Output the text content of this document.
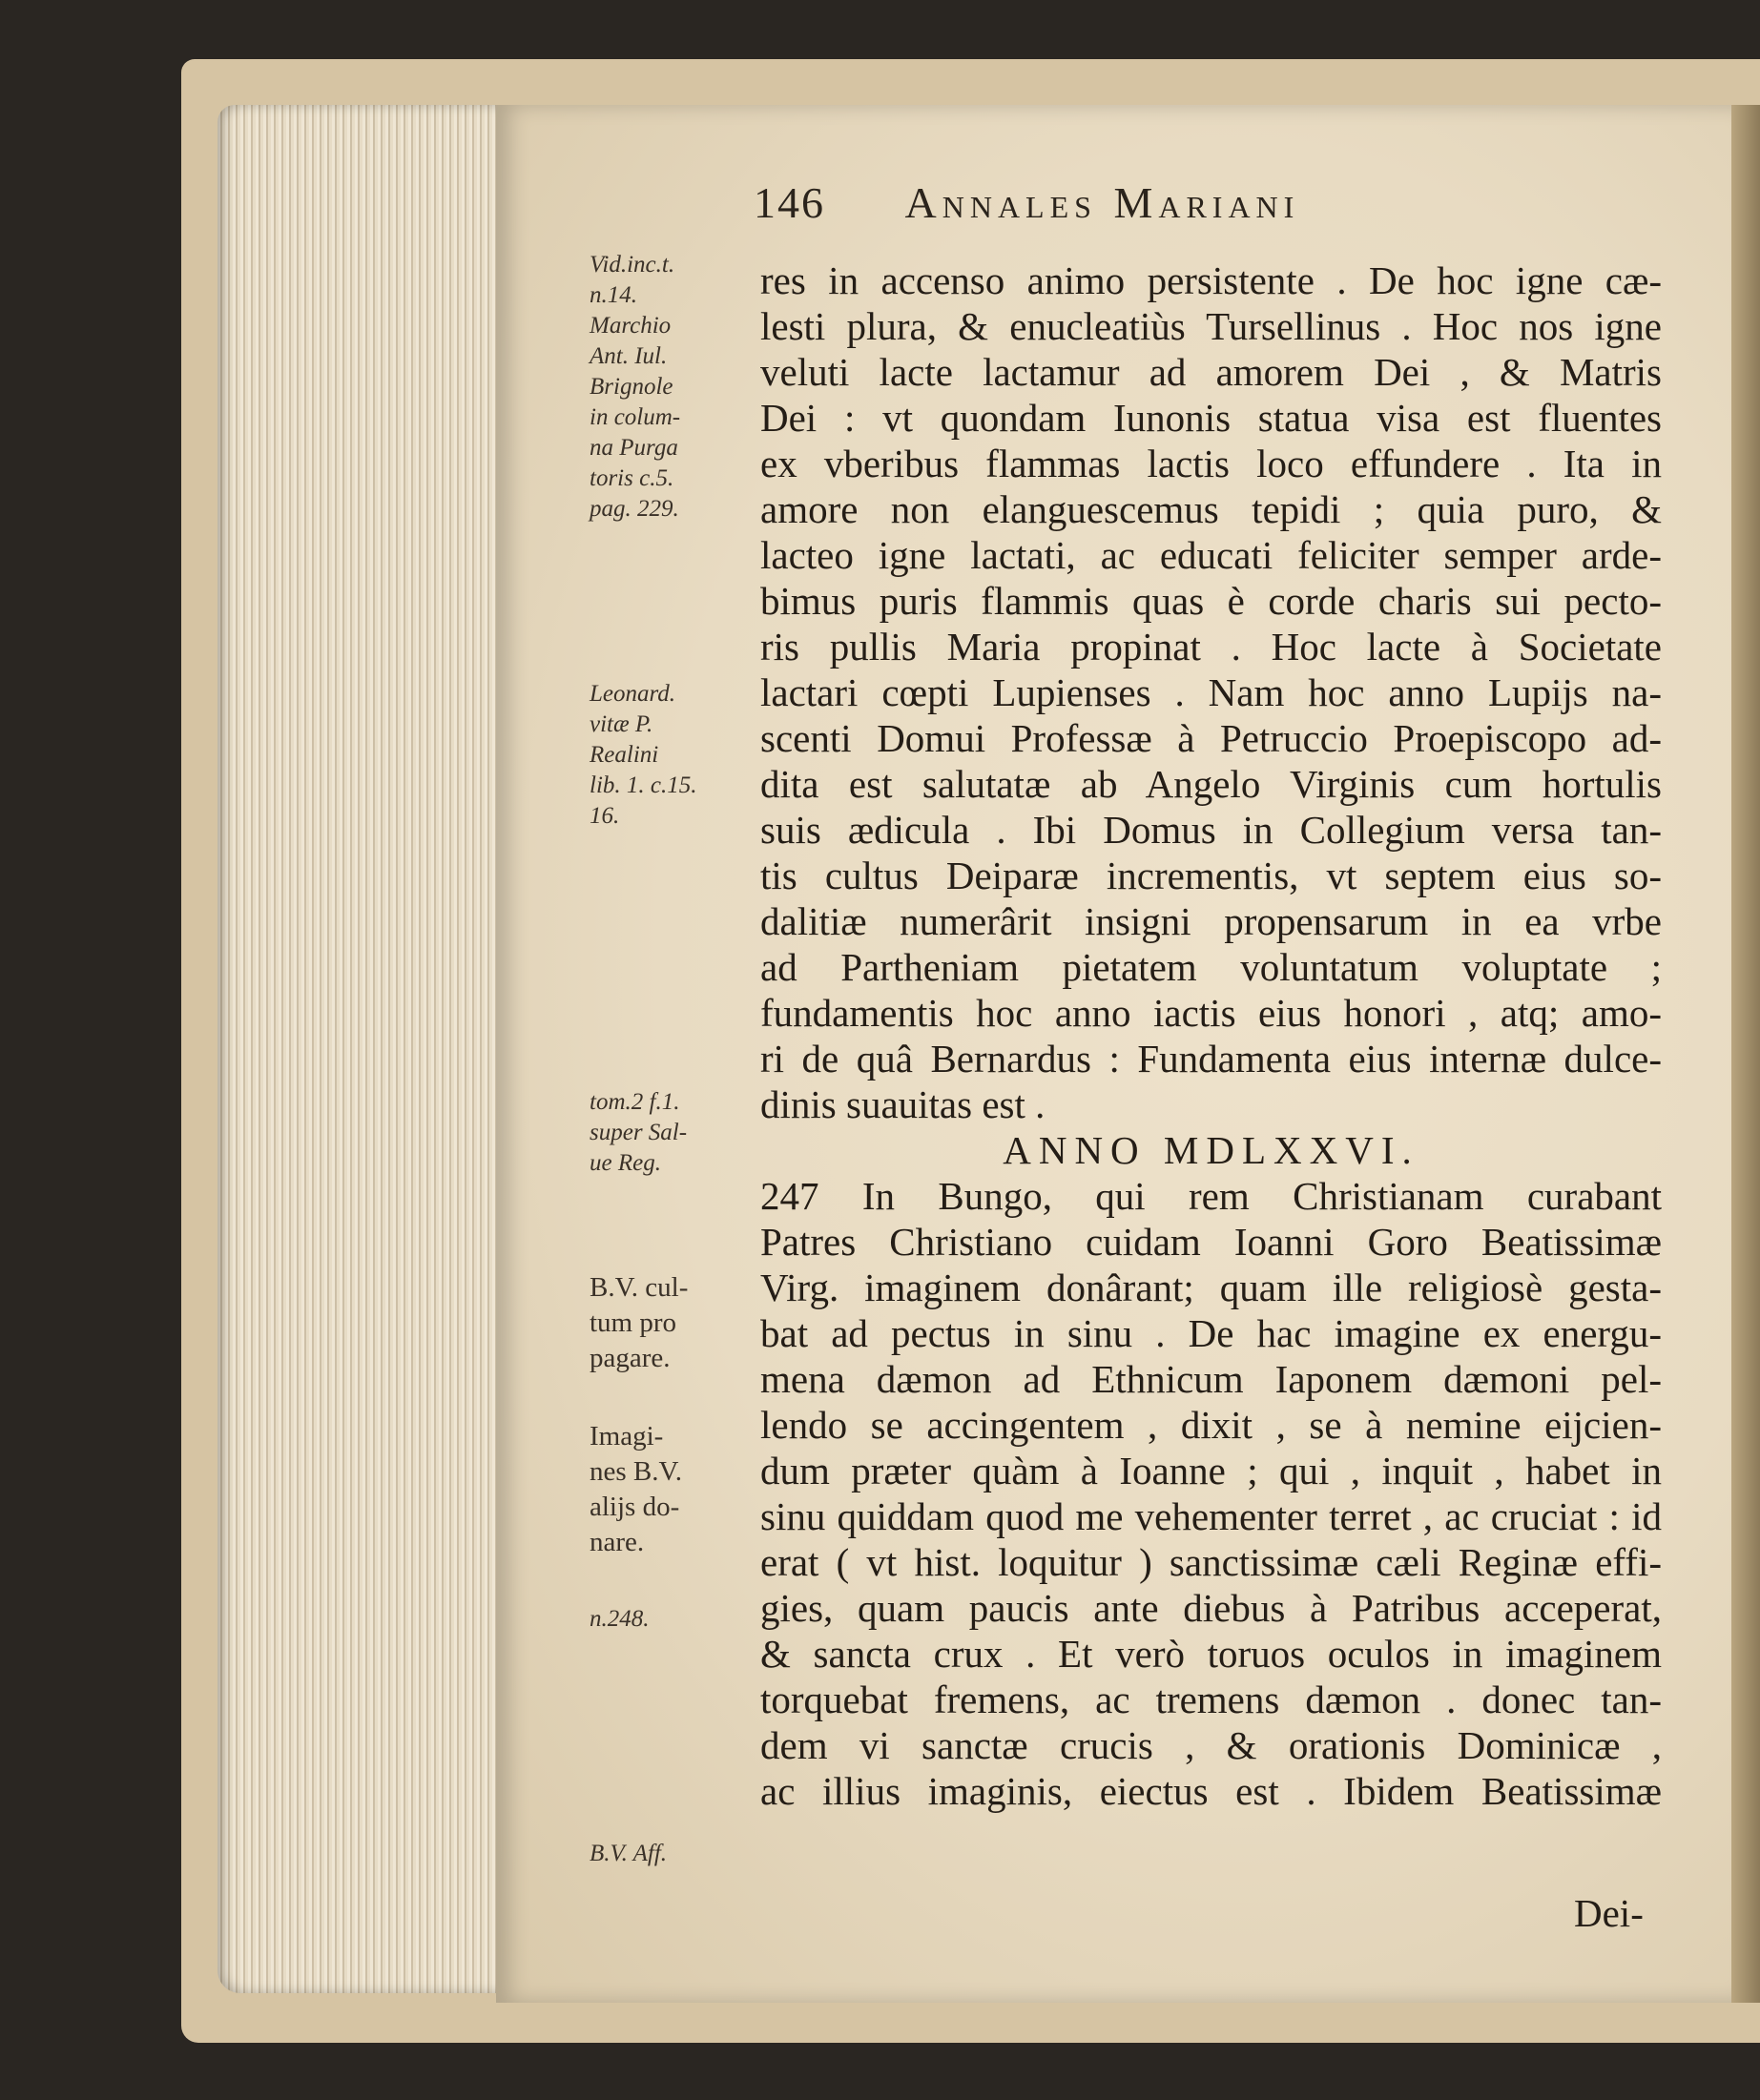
146 Annales Mariani
Vid.inc.t.
n.14.
Marchio
Ant. Iul.
Brignole
in colum-
na Purga
toris c.5.
pag. 229.
Leonard.
vitæ P.
Realini
lib. 1. c.15.
16.
tom.2 f.1.
super Sal-
ue Reg.
B.V. cul-
tum pro
pagare.
Imagi-
nes B.V.
alijs do-
nare.
n.248.
B.V. Aff.
res in accenso animo persistente . De hoc igne cæ-
lesti plura, & enucleatiùs Tursellinus . Hoc nos igne
veluti lacte lactamur ad amorem Dei , & Matris
Dei : vt quondam Iunonis statua visa est fluentes
ex vberibus flammas lactis loco effundere . Ita in
amore non elanguescemus tepidi ; quia puro, &
lacteo igne lactati, ac educati feliciter semper arde-
bimus puris flammis quas è corde charis sui pecto-
ris pullis Maria propinat . Hoc lacte à Societate
lactari cœpti Lupienses . Nam hoc anno Lupijs na-
scenti Domui Professæ à Petruccio Proepiscopo ad-
dita est salutatæ ab Angelo Virginis cum hortulis
suis ædicula . Ibi Domus in Collegium versa tan-
tis cultus Deiparæ incrementis, vt septem eius so-
dalitiæ numerârit insigni propensarum in ea vrbe
ad Partheniam pietatem voluntatum voluptate ;
fundamentis hoc anno iactis eius honori , atq; amo-
ri de quâ Bernardus : Fundamenta eius internæ dulce-
dinis suauitas est .
ANNO MDLXXVI.
247 In Bungo, qui rem Christianam curabant
Patres Christiano cuidam Ioanni Goro Beatissimæ
Virg. imaginem donârant; quam ille religiosè gesta-
bat ad pectus in sinu . De hac imagine ex energu-
mena dæmon ad Ethnicum Iaponem dæmoni pel-
lendo se accingentem , dixit , se à nemine eijcien-
dum præter quàm à Ioanne ; qui , inquit , habet in
sinu quiddam quod me vehementer terret , ac cruciat : id
erat ( vt hist. loquitur ) sanctissimæ cæli Reginæ effi-
gies, quam paucis ante diebus à Patribus acceperat,
& sancta crux . Et verò toruos oculos in imaginem
torquebat fremens, ac tremens dæmon . donec tan-
dem vi sanctæ crucis , & orationis Dominicæ ,
ac illius imaginis, eiectus est . Ibidem Beatissimæ
Dei-
